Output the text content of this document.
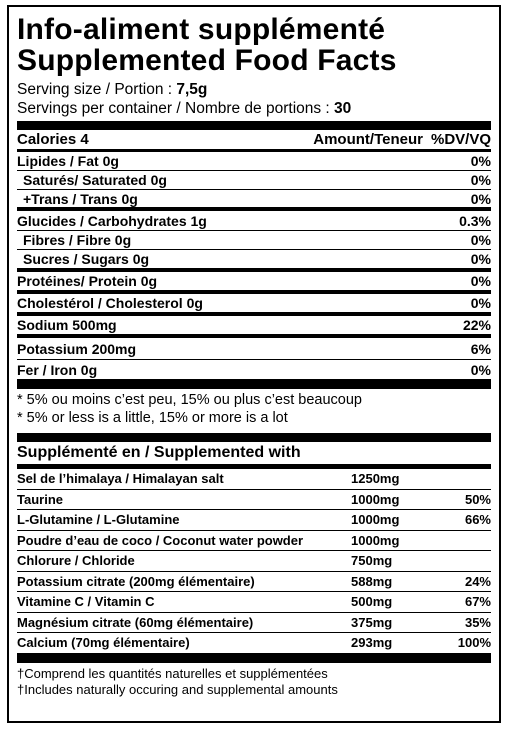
Info-aliment supplémenté
Supplemented Food Facts
Serving size / Portion : 7,5g
Servings per container / Nombre de portions : 30
Calories 4	Amount/Teneur %DV/VQ
Lipides / Fat 0g	0%
Saturés/ Saturated 0g	0%
+Trans / Trans 0g	0%
Glucides / Carbohydrates 1g	0.3%
Fibres / Fibre 0g	0%
Sucres / Sugars 0g	0%
Protéines/ Protein 0g	0%
Cholestérol / Cholesterol 0g	0%
Sodium 500mg	22%
Potassium 200mg	6%
Fer / Iron 0g	0%
* 5% ou moins c’est peu, 15% ou plus c’est beaucoup
* 5% or less is a little, 15% or more is a lot
Supplémenté en / Supplemented with
Sel de l’himalaya / Himalayan salt	1250mg
Taurine	1000mg	50%
L-Glutamine / L-Glutamine	1000mg	66%
Poudre d’eau de coco / Coconut water powder	1000mg
Chlorure / Chloride	750mg
Potassium citrate (200mg élémentaire)	588mg	24%
Vitamine C / Vitamin C	500mg	67%
Magnésium citrate (60mg élémentaire)	375mg	35%
Calcium (70mg élémentaire)	293mg	100%
†Comprend les quantités naturelles et supplémentées
†Includes naturally occuring and supplemental amounts
